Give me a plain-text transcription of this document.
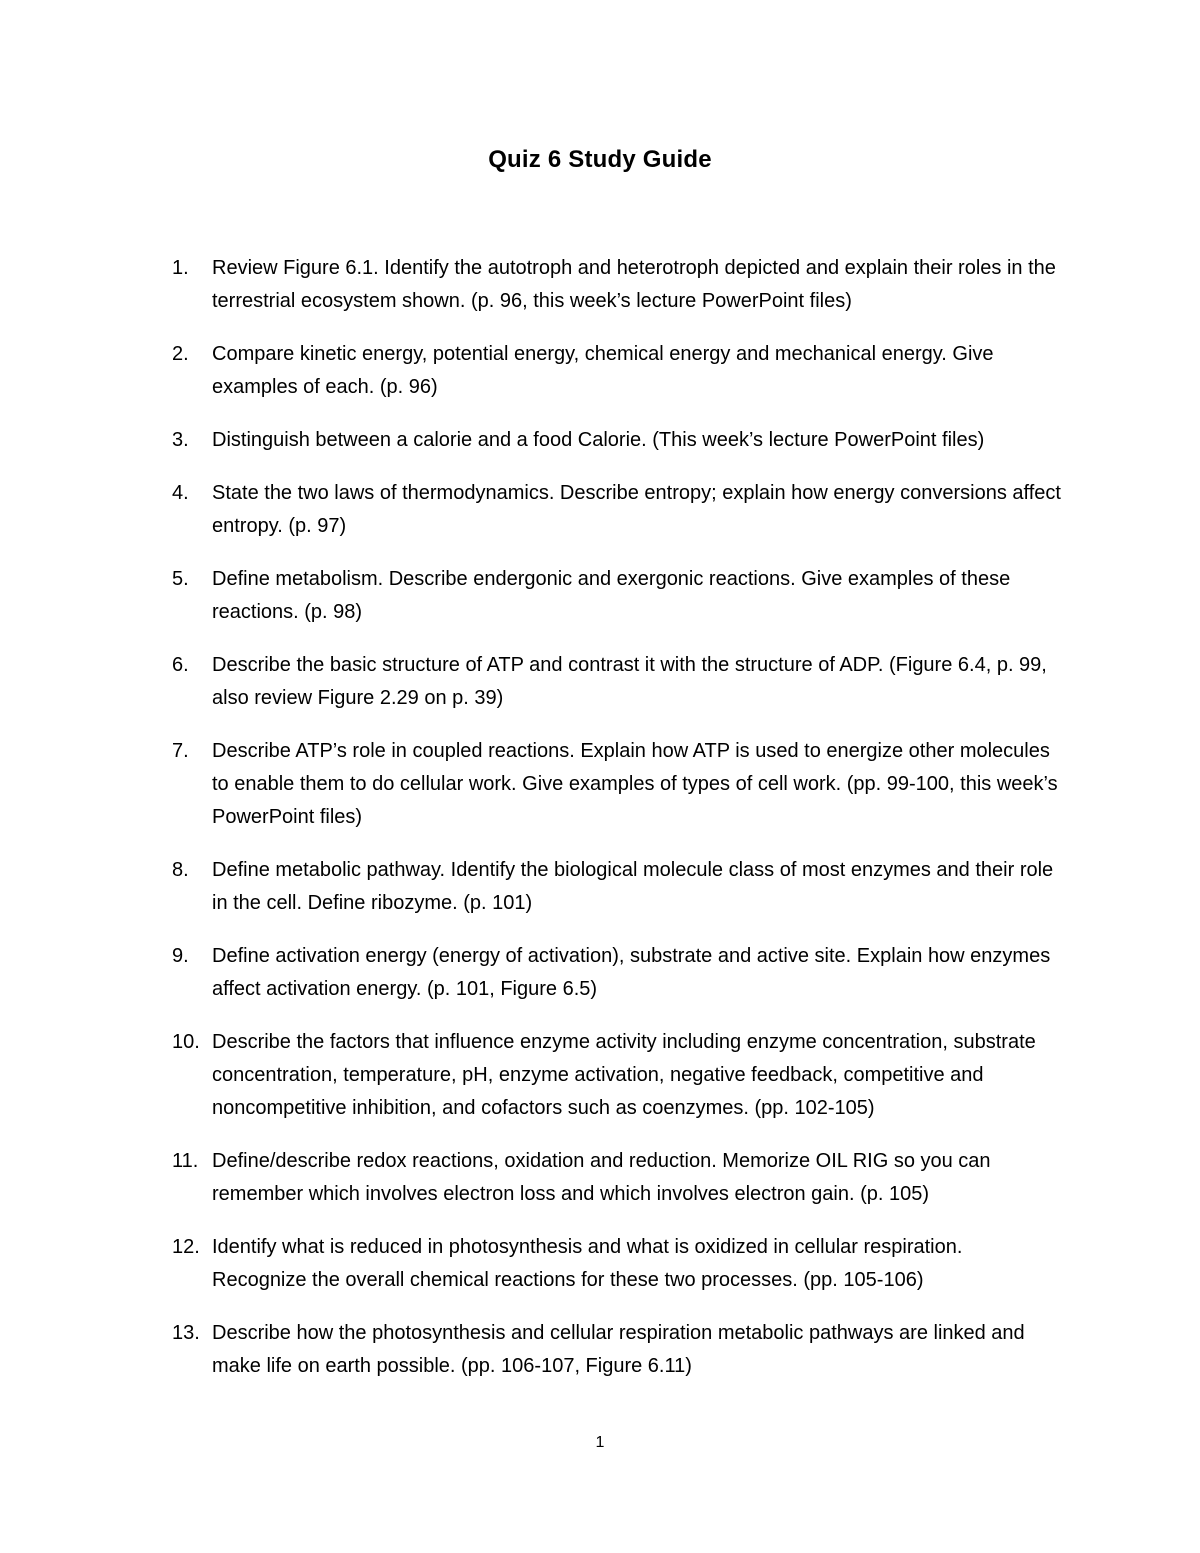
Quiz 6 Study Guide
1.	Review Figure 6.1. Identify the autotroph and heterotroph depicted and explain their roles in the terrestrial ecosystem shown. (p. 96, this week’s lecture PowerPoint files)
2.	Compare kinetic energy, potential energy, chemical energy and mechanical energy. Give examples of each. (p. 96)
3.	Distinguish between a calorie and a food Calorie. (This week’s lecture PowerPoint files)
4.	State the two laws of thermodynamics. Describe entropy; explain how energy conversions affect entropy. (p. 97)
5.	Define metabolism. Describe endergonic and exergonic reactions. Give examples of these reactions. (p. 98)
6.	Describe the basic structure of ATP and contrast it with the structure of ADP. (Figure 6.4, p. 99, also review Figure 2.29 on p. 39)
7.	Describe ATP’s role in coupled reactions. Explain how ATP is used to energize other molecules to enable them to do cellular work. Give examples of types of cell work. (pp. 99-100, this week’s PowerPoint files)
8.	Define metabolic pathway. Identify the biological molecule class of most enzymes and their role in the cell. Define ribozyme. (p. 101)
9.	Define activation energy (energy of activation), substrate and active site. Explain how enzymes affect activation energy. (p. 101, Figure 6.5)
10. Describe the factors that influence enzyme activity including enzyme concentration, substrate concentration, temperature, pH, enzyme activation, negative feedback, competitive and noncompetitive inhibition, and cofactors such as coenzymes. (pp. 102-105)
11. Define/describe redox reactions, oxidation and reduction. Memorize OIL RIG so you can remember which involves electron loss and which involves electron gain. (p. 105)
12. Identify what is reduced in photosynthesis and what is oxidized in cellular respiration. Recognize the overall chemical reactions for these two processes. (pp. 105-106)
13. Describe how the photosynthesis and cellular respiration metabolic pathways are linked and make life on earth possible. (pp. 106-107, Figure 6.11)
1
